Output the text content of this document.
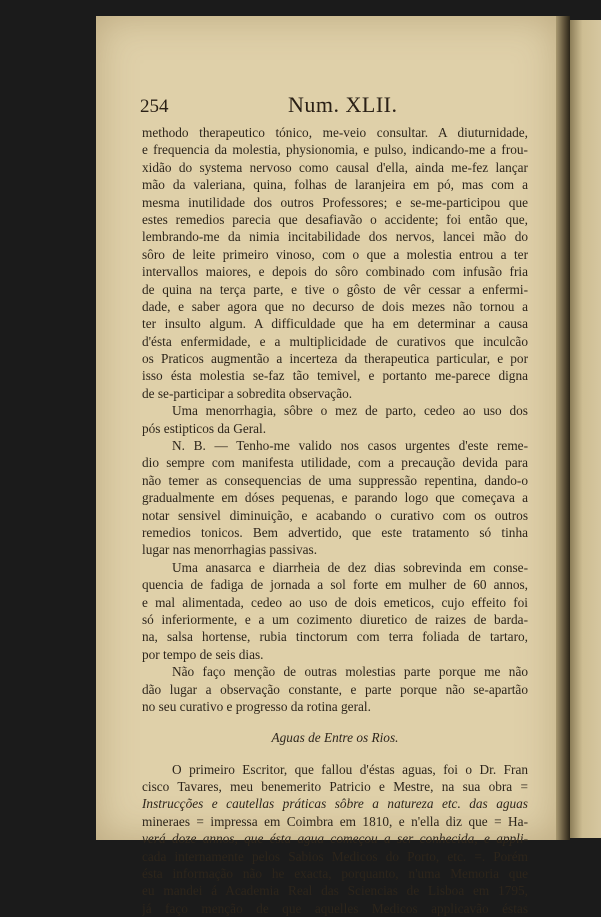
254	Num. XLII.
methodo therapeutico tónico, me-veio consultar. A diuturnidade,
e frequencia da molestia, physionomia, e pulso, indicando-me a frou-
xidão do systema nervoso como causal d'ella, ainda me-fez lançar
mão da valeriana, quina, folhas de laranjeira em pó, mas com a
mesma inutilidade dos outros Professores; e se-me-participou que
estes remedios parecia que desafiavão o accidente; foi então que,
lembrando-me da nimia incitabilidade dos nervos, lancei mão do
sôro de leite primeiro vinoso, com o que a molestia entrou a ter
intervallos maiores, e depois do sôro combinado com infusão fria
de quina na terça parte, e tive o gôsto de vêr cessar a enfermi-
dade, e saber agora que no decurso de dois mezes não tornou a
ter insulto algum. A difficuldade que ha em determinar a causa
d'ésta enfermidade, e a multiplicidade de curativos que inculcão
os Praticos augmentão a incerteza da therapeutica particular, e por
isso ésta molestia se-faz tão temivel, e portanto me-parece digna
de se-participar a sobredita observação.
Uma menorrhagia, sôbre o mez de parto, cedeo ao uso dos
pós estipticos da Geral.
N. B. — Tenho-me valido nos casos urgentes d'este reme-
dio sempre com manifesta utilidade, com a precaução devida para
não temer as consequencias de uma suppressão repentina, dando-o
gradualmente em dóses pequenas, e parando logo que começava a
notar sensivel diminuição, e acabando o curativo com os outros
remedios tonicos. Bem advertido, que este tratamento só tinha
lugar nas menorrhagias passivas.
Uma anasarca e diarrheia de dez dias sobrevinda em conse-
quencia de fadiga de jornada a sol forte em mulher de 60 annos,
e mal alimentada, cedeo ao uso de dois emeticos, cujo effeito foi
só inferiormente, e a um cozimento diuretico de raizes de barda-
na, salsa hortense, rubia tinctorum com terra foliada de tartaro,
por tempo de seis dias.
Não faço menção de outras molestias parte porque me não
dão lugar a observação constante, e parte porque não se-apartão
no seu curativo e progresso da rotina geral.
Aguas de Entre os Rios.
O primeiro Escritor, que fallou d'éstas aguas, foi o Dr. Fran
cisco Tavares, meu benemerito Patricio e Mestre, na sua obra =
Instrucções e cautellas práticas sôbre a natureza etc. das aguas
mineraes = impressa em Coimbra em 1810, e n'ella diz que = Ha-
verá doze annos, que ésta agua começou a ser conhecida, e appli-
cada internamente pelos Sabios Medicos do Porto, etc. =. Porém
ésta informação não he exacta, porquanto, n'uma Memoria que
eu mandei á Academia Real das Sciencias de Lisboa em 1795,
já faço menção de que aquelles Medicos applicavão éstas
